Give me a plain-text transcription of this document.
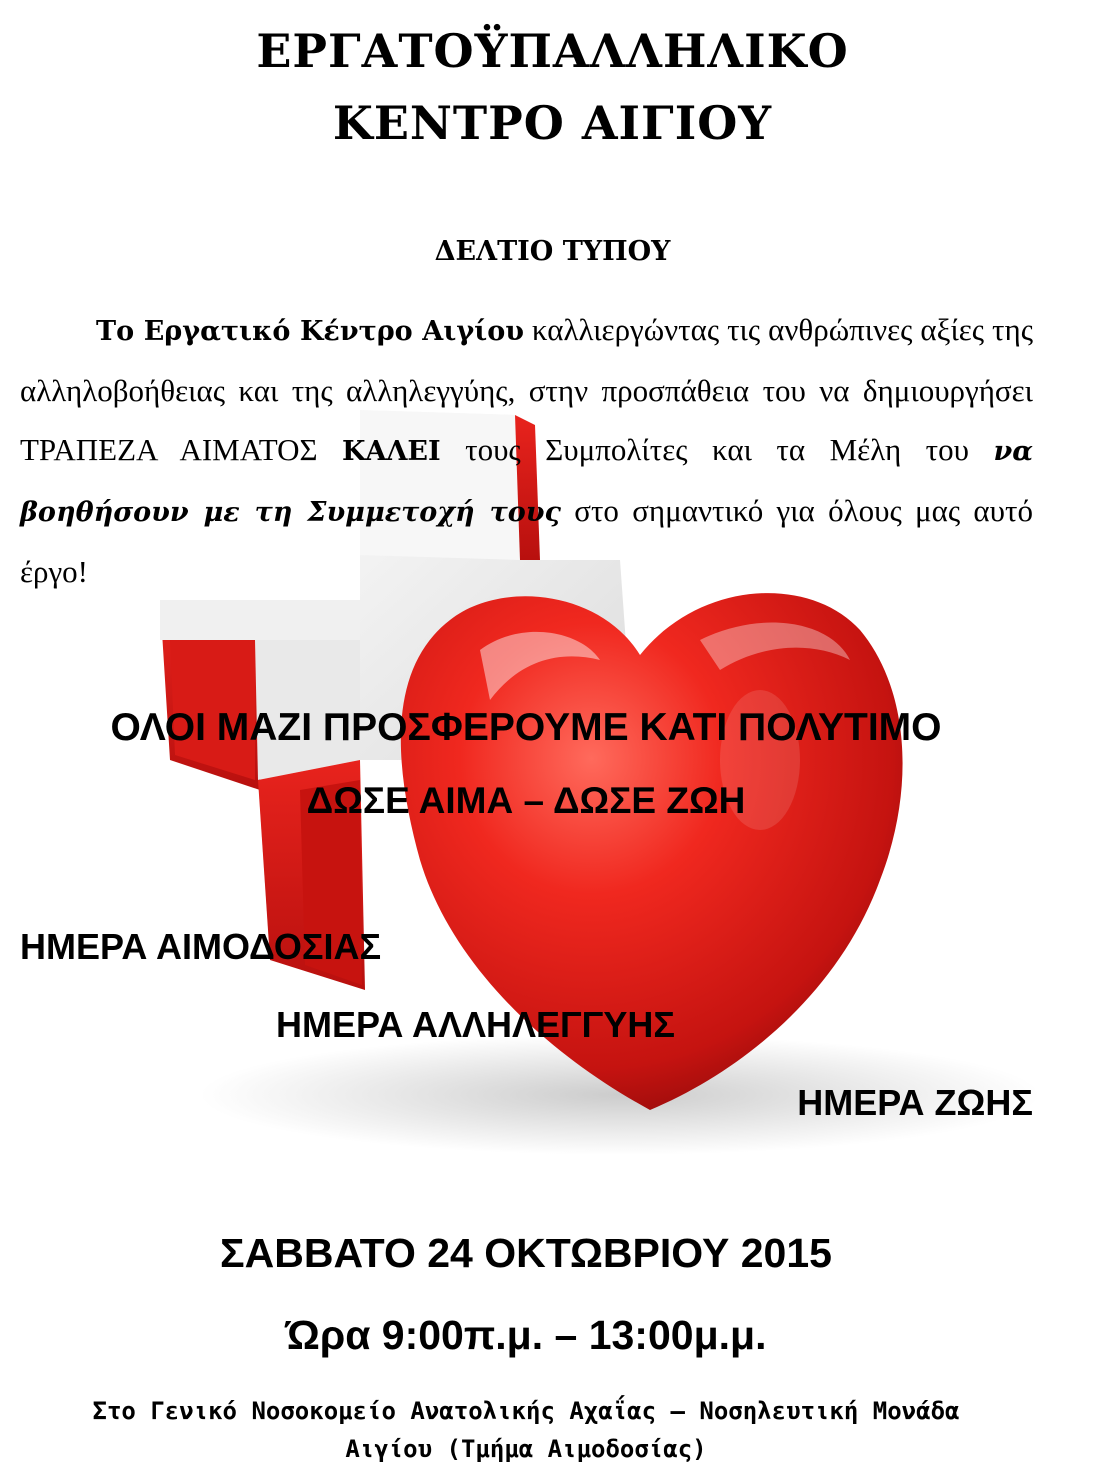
ΕΡΓΑΤΟΫΠΑΛΛΗΛΙΚΟ
ΚΕΝΤΡΟ ΑΙΓΙΟΥ
ΔΕΛΤΙΟ ΤΥΠΟΥ

Το Εργατικό Κέντρο Αιγίου καλλιεργώντας τις ανθρώπινες αξίες της αλληλοβοήθειας και της αλληλεγγύης, στην προσπάθεια του να δημιουργήσει ΤΡΑΠΕΖΑ ΑΙΜΑΤΟΣ ΚΑΛΕΙ τους Συμπολίτες και τα Μέλη του να βοηθήσουν με τη Συμμετοχή τους στο σημαντικό για όλους μας αυτό έργο!

ΟΛΟΙ ΜΑΖΙ ΠΡΟΣΦΕΡΟΥΜΕ ΚΑΤΙ ΠΟΛΥΤΙΜΟ

ΔΩΣΕ ΑΙΜΑ – ΔΩΣΕ ΖΩΗ

ΗΜΕΡΑ ΑΙΜΟΔΟΣΙΑΣ

ΗΜΕΡΑ ΑΛΛΗΛΕΓΓΥΗΣ

ΗΜΕΡΑ ΖΩΗΣ

ΣΑΒΒΑΤΟ 24 ΟΚΤΩΒΡΙΟΥ 2015

Ώρα 9:00π.μ. – 13:00μ.μ.

Στο Γενικό Νοσοκομείο Ανατολικής Αχαΐας – Νοσηλευτική Μονάδα
Αιγίου (Τμήμα Αιμοδοσίας)
